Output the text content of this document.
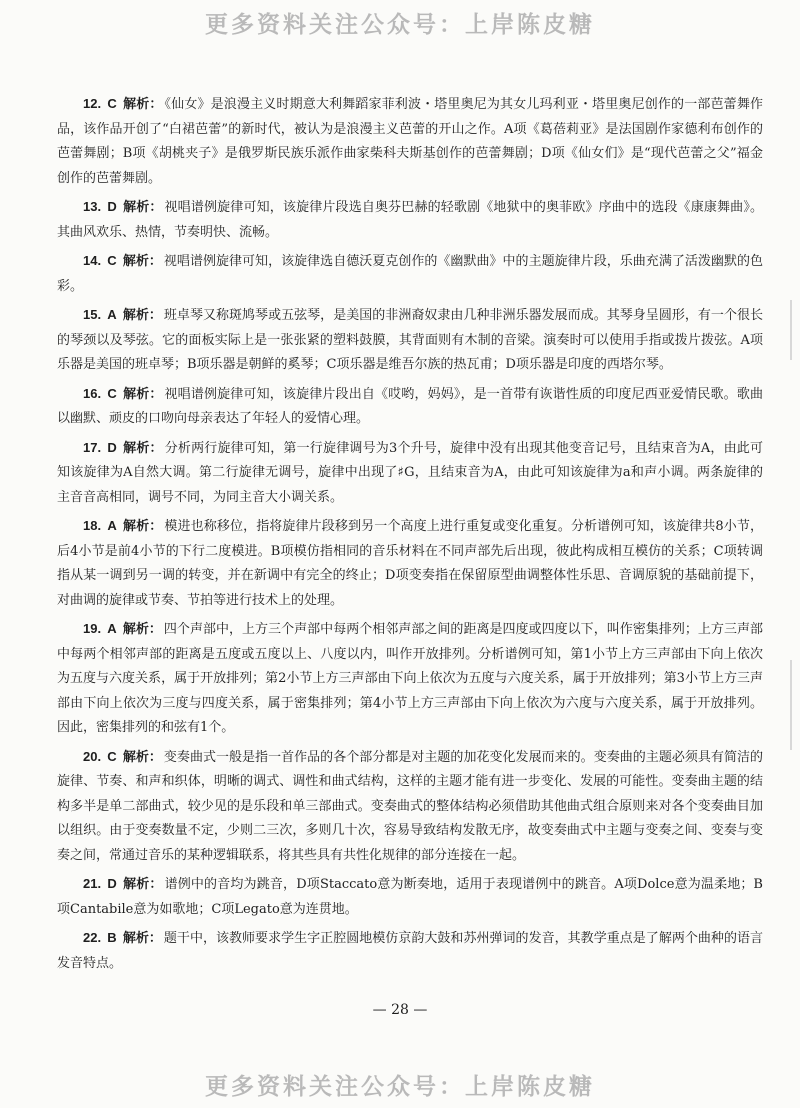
更多资料关注公众号：上岸陈皮糖

12. C 解析： 《仙女》是浪漫主义时期意大利舞蹈家菲利波・塔里奥尼为其女儿玛利亚・塔里奥尼创作的一部芭蕾舞作品，该作品开创了“白裙芭蕾”的新时代，被认为是浪漫主义芭蕾的开山之作。A项《葛蓓莉亚》是法国剧作家德利布创作的芭蕾舞剧；B项《胡桃夹子》是俄罗斯民族乐派作曲家柴科夫斯基创作的芭蕾舞剧；D项《仙女们》是“现代芭蕾之父”福金创作的芭蕾舞剧。

13. D 解析： 视唱谱例旋律可知，该旋律片段选自奥芬巴赫的轻歌剧《地狱中的奥菲欧》序曲中的选段《康康舞曲》。其曲风欢乐、热情，节奏明快、流畅。

14. C 解析： 视唱谱例旋律可知，该旋律选自德沃夏克创作的《幽默曲》中的主题旋律片段，乐曲充满了活泼幽默的色彩。

15. A 解析： 班卓琴又称斑鸠琴或五弦琴，是美国的非洲裔奴隶由几种非洲乐器发展而成。其琴身呈圆形，有一个很长的琴颈以及琴弦。它的面板实际上是一张张紧的塑料鼓膜，其背面则有木制的音梁。演奏时可以使用手指或拨片拨弦。A项乐器是美国的班卓琴；B项乐器是朝鲜的奚琴；C项乐器是维吾尔族的热瓦甫；D项乐器是印度的西塔尔琴。

16. C 解析： 视唱谱例旋律可知，该旋律片段出自《哎哟，妈妈》，是一首带有诙谐性质的印度尼西亚爱情民歌。歌曲以幽默、顽皮的口吻向母亲表达了年轻人的爱情心理。

17. D 解析： 分析两行旋律可知，第一行旋律调号为3个升号，旋律中没有出现其他变音记号，且结束音为A，由此可知该旋律为A自然大调。第二行旋律无调号，旋律中出现了♯G，且结束音为A，由此可知该旋律为a和声小调。两条旋律的主音音高相同，调号不同，为同主音大小调关系。

18. A 解析： 模进也称移位，指将旋律片段移到另一个高度上进行重复或变化重复。分析谱例可知，该旋律共8小节，后4小节是前4小节的下行二度模进。B项模仿指相同的音乐材料在不同声部先后出现，彼此构成相互模仿的关系；C项转调指从某一调到另一调的转变，并在新调中有完全的终止；D项变奏指在保留原型曲调整体性乐思、音调原貌的基础前提下，对曲调的旋律或节奏、节拍等进行技术上的处理。

19. A 解析： 四个声部中，上方三个声部中每两个相邻声部之间的距离是四度或四度以下，叫作密集排列；上方三声部中每两个相邻声部的距离是五度或五度以上、八度以内，叫作开放排列。分析谱例可知，第1小节上方三声部由下向上依次为五度与六度关系，属于开放排列；第2小节上方三声部由下向上依次为五度与六度关系，属于开放排列；第3小节上方三声部由下向上依次为三度与四度关系，属于密集排列；第4小节上方三声部由下向上依次为六度与六度关系，属于开放排列。因此，密集排列的和弦有1个。

20. C 解析： 变奏曲式一般是指一首作品的各个部分都是对主题的加花变化发展而来的。变奏曲的主题必须具有简洁的旋律、节奏、和声和织体，明晰的调式、调性和曲式结构，这样的主题才能有进一步变化、发展的可能性。变奏曲主题的结构多半是单二部曲式，较少见的是乐段和单三部曲式。变奏曲式的整体结构必须借助其他曲式组合原则来对各个变奏曲目加以组织。由于变奏数量不定，少则二三次，多则几十次，容易导致结构发散无序，故变奏曲式中主题与变奏之间、变奏与变奏之间，常通过音乐的某种逻辑联系，将其些具有共性化规律的部分连接在一起。

21. D 解析： 谱例中的音均为跳音，D项Staccato意为断奏地，适用于表现谱例中的跳音。A项Dolce意为温柔地；B项Cantabile意为如歌地；C项Legato意为连贯地。

22. B 解析： 题干中，该教师要求学生字正腔圆地模仿京韵大鼓和苏州弹词的发音，其教学重点是了解两个曲种的语言发音特点。

— 28 —
更多资料关注公众号：上岸陈皮糖
